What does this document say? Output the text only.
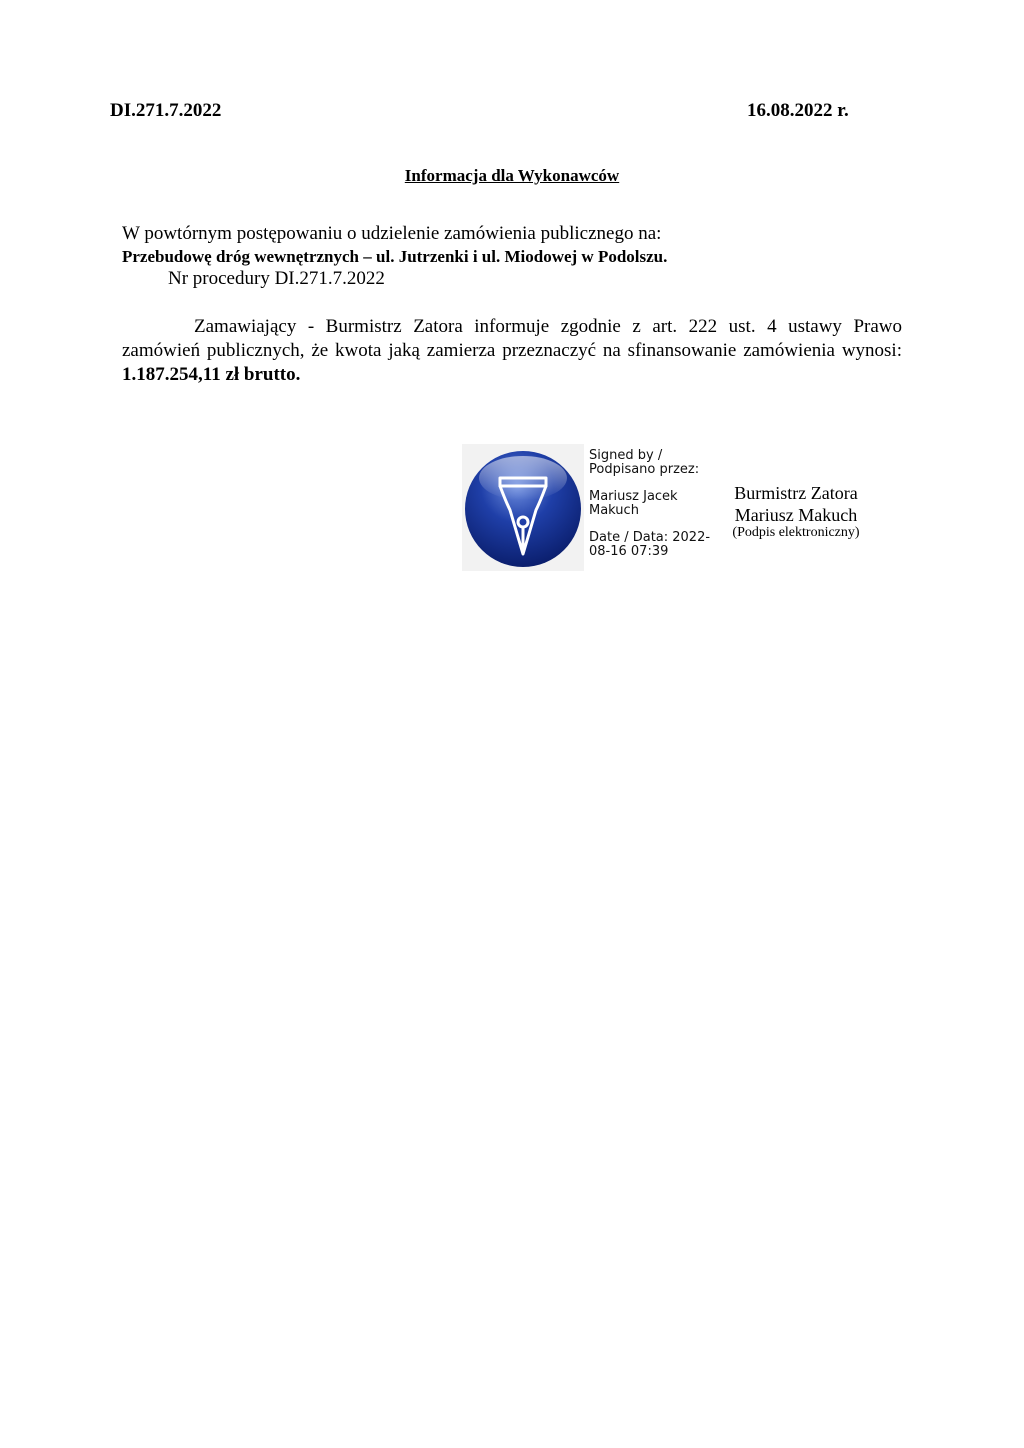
DI.271.7.2022	16.08.2022 r.
Informacja dla Wykonawców
W powtórnym postępowaniu o udzielenie zamówienia publicznego na:
Przebudowę dróg wewnętrznych – ul. Jutrzenki i ul. Miodowej w Podolszu.
Nr procedury DI.271.7.2022
Zamawiający - Burmistrz Zatora informuje zgodnie z art. 222 ust. 4 ustawy Prawo zamówień publicznych, że kwota jaką zamierza przeznaczyć na sfinansowanie zamówienia wynosi: 1.187.254,11 zł brutto.
Signed by /
Podpisano przez:
Mariusz Jacek
Makuch
Date / Data: 2022-
08-16 07:39
Burmistrz Zatora
Mariusz Makuch
(Podpis elektroniczny)
